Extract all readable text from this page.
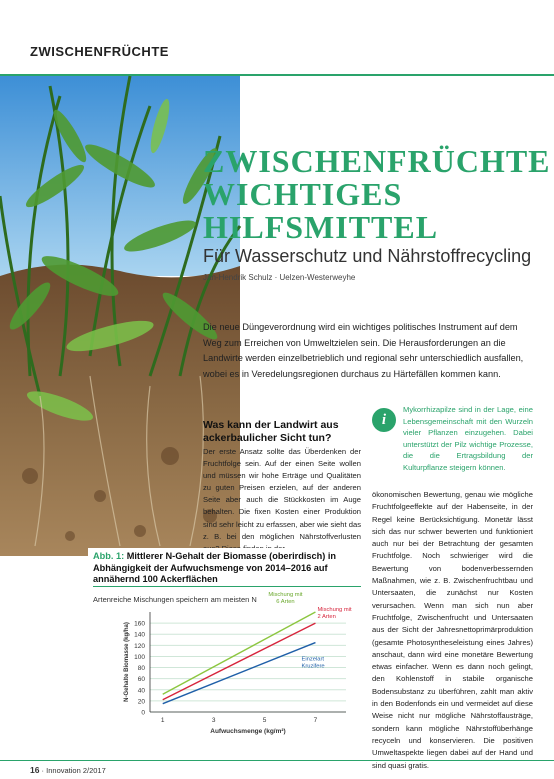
ZWISCHENFRÜCHTE
ZWISCHENFRÜCHTE
WICHTIGES
HILFSMITTEL
Für Wasserschutz und Nährstoffrecycling
Jan-Hendrik Schulz · Uelzen-Westerweyhe
Die neue Düngeverordnung wird ein wichtiges politisches Instrument auf dem Weg zum Erreichen von Umweltzielen sein. Die Herausforderungen an die Landwirte werden einzelbetrieblich und regional sehr unterschiedlich ausfallen, wobei es in Veredelungsregionen durchaus zu Härtefällen kommen kann.
Was kann der Landwirt aus ackerbaulicher Sicht tun?
Der erste Ansatz sollte das Überdenken der Fruchtfolge sein. Auf der einen Seite wollen und müssen wir hohe Erträge und Qualitäten zu guten Preisen erzielen, auf der anderen Seite aber auch die Stückkosten im Auge behalten. Die fixen Kosten einer Produktion sind sehr leicht zu erfassen, aber wie sieht das z. B. bei den möglichen Nährstoffverlusten
i
Mykorrhizapilze sind in der Lage, eine Lebensgemeinschaft mit den Wurzeln vieler Pflanzen einzugehen. Dabei unterstützt der Pilz wichtige Prozesse, die die Ertragsbildung der Kulturpflanze steigern können.
ökonomischen Bewertung, genau wie mögliche Fruchtfolgeeffekte auf der Habenseite, in der Regel keine Berücksichtigung. Monetär lässt sich das nur schwer bewerten und funktioniert auch nur bei der Betrachtung der gesamten Fruchtfolge. Noch schwieriger wird die Bewertung von bodenverbessernden Maßnahmen, wie z. B. Zwischenfruchtbau und Untersaaten, die zunächst nur Kosten verursachen. Wenn man sich nun aber Fruchtfolge, Zwischenfrucht und Untersaaten aus der Sicht der Jahresnettoprimärproduktion (gesamte Photosyntheseleistung eines Jahres) anschaut, dann wird eine monetäre Bewertung etwas einfacher. Wenn es dann noch gelingt, den Kohlenstoff in stabile organische Bodensubstanz zu überführen, zahlt man aktiv in den Bodenfonds ein und vermeidet auf diese Weise nicht nur mögliche Nährstoffausträge, sondern kann mögliche Nährstoffüberhänge recyceln und konservieren. Die positiven Umweltaspekte liegen dabei auf der Hand und sind quasi gratis.
Abb. 1: Mittlerer N-Gehalt der Biomasse (oberirdisch) in Abhängigkeit der Aufwuchsmenge von 2014–2016 auf annähernd 100 Ackerflächen
Artenreiche Mischungen speichern am meisten N
0
20
40
60
80
100
120
140
160
1	3	5	7
Aufwuchsmenge (kg/m²)
N-Gehalte Biomasse (kg/ha)
Mischung mit
6 Arten
Mischung mit
2 Arten
Einzelart
Kruzifere
16 · Innovation 2/2017
